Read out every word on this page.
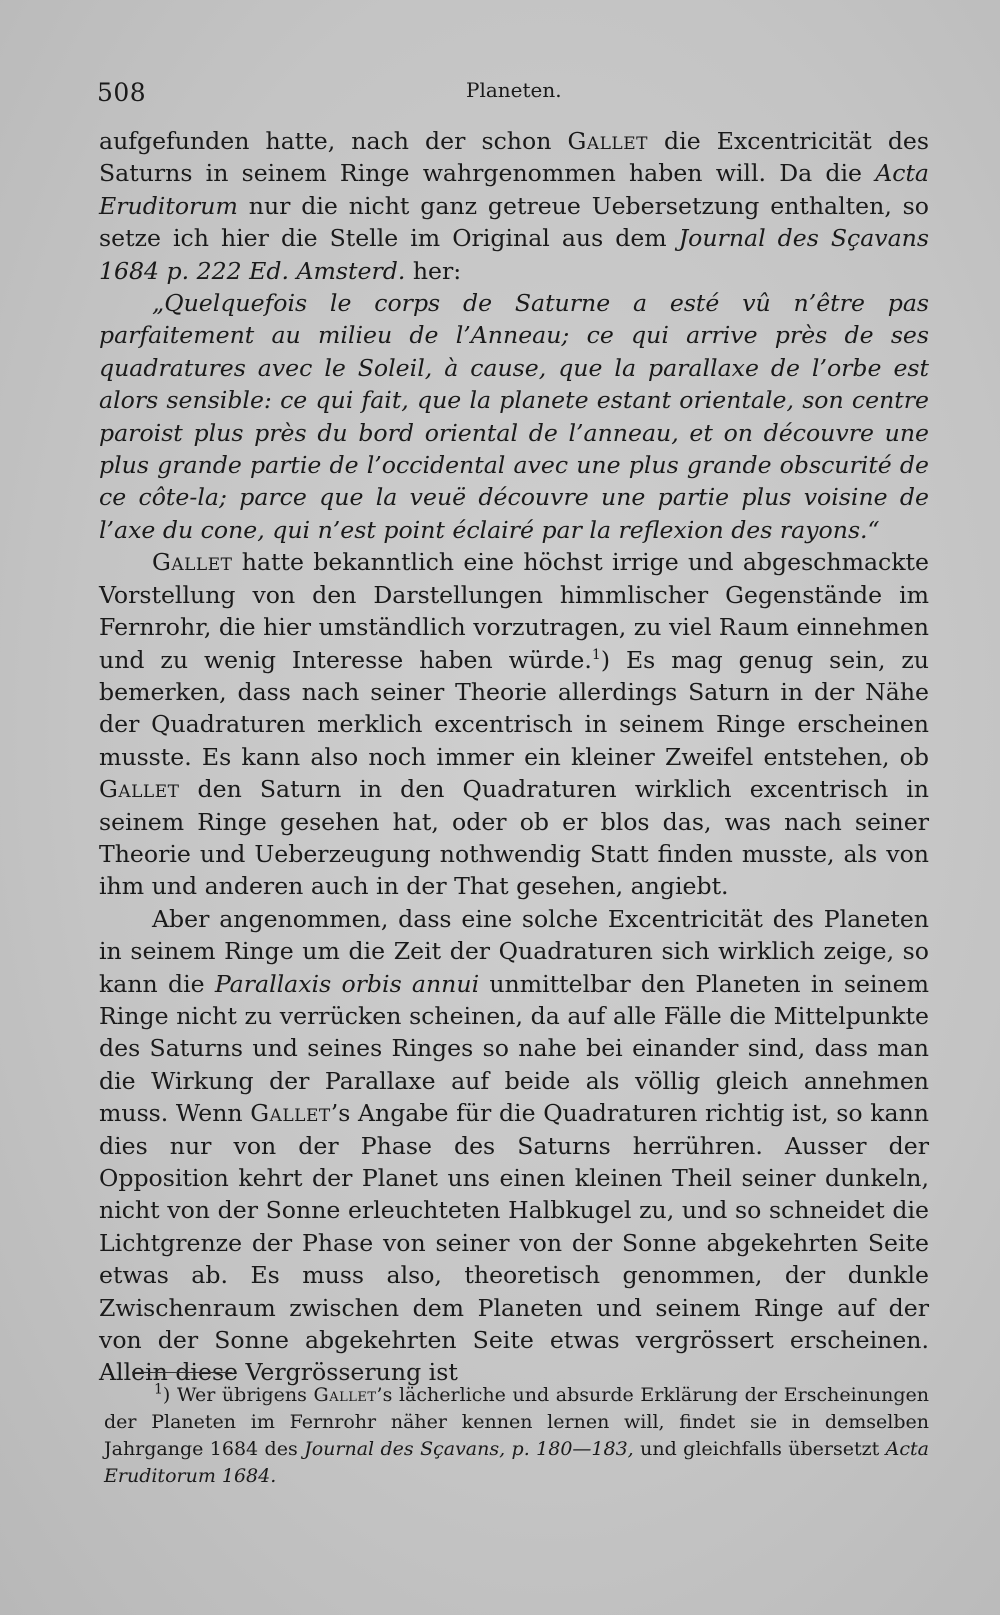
508	Planeten.

aufgefunden hatte, nach der schon Gallet die Excentricität des Saturns in seinem Ringe wahrgenommen haben will. Da die Acta Eruditorum nur die nicht ganz getreue Uebersetzung enthalten, so setze ich hier die Stelle im Original aus dem Journal des Sçavans 1684 p. 222 Ed. Amsterd. her:

„Quelquefois le corps de Saturne a esté vû n’être pas parfaitement au milieu de l’Anneau; ce qui arrive près de ses quadratures avec le Soleil, à cause, que la parallaxe de l’orbe est alors sensible: ce qui fait, que la planete estant orientale, son centre paroist plus près du bord oriental de l’anneau, et on découvre une plus grande partie de l’occidental avec une plus grande obscurité de ce côte-la; parce que la veuë découvre une partie plus voisine de l’axe du cone, qui n’est point éclairé par la reflexion des rayons.“

Gallet hatte bekanntlich eine höchst irrige und abgeschmackte Vorstellung von den Darstellungen himmlischer Gegenstände im Fernrohr, die hier umständlich vorzutragen, zu viel Raum einnehmen und zu wenig Interesse haben würde.$^1$) Es mag genug sein, zu bemerken, dass nach seiner Theorie allerdings Saturn in der Nähe der Quadraturen merklich excentrisch in seinem Ringe erscheinen musste. Es kann also noch immer ein kleiner Zweifel entstehen, ob Gallet den Saturn in den Quadraturen wirklich excentrisch in seinem Ringe gesehen hat, oder ob er blos das, was nach seiner Theorie und Ueberzeugung nothwendig Statt finden musste, als von ihm und anderen auch in der That gesehen, angiebt.

Aber angenommen, dass eine solche Excentricität des Planeten in seinem Ringe um die Zeit der Quadraturen sich wirklich zeige, so kann die Parallaxis orbis annui unmittelbar den Planeten in seinem Ringe nicht zu verrücken scheinen, da auf alle Fälle die Mittelpunkte des Saturns und seines Ringes so nahe bei einander sind, dass man die Wirkung der Parallaxe auf beide als völlig gleich annehmen muss. Wenn Gallet’s Angabe für die Quadraturen richtig ist, so kann dies nur von der Phase des Saturns herrühren. Ausser der Opposition kehrt der Planet uns einen kleinen Theil seiner dunkeln, nicht von der Sonne erleuchteten Halbkugel zu, und so schneidet die Lichtgrenze der Phase von seiner von der Sonne abgekehrten Seite etwas ab. Es muss also, theoretisch genommen, der dunkle Zwischenraum zwischen dem Planeten und seinem Ringe auf der von der Sonne abgekehrten Seite etwas vergrössert erscheinen. Allein diese Vergrösserung ist

$^1$) Wer übrigens Gallet’s lächerliche und absurde Erklärung der Erscheinungen der Planeten im Fernrohr näher kennen lernen will, findet sie in demselben Jahrgange 1684 des Journal des Sçavans, p. 180—183, und gleichfalls übersetzt Acta Eruditorum 1684.
